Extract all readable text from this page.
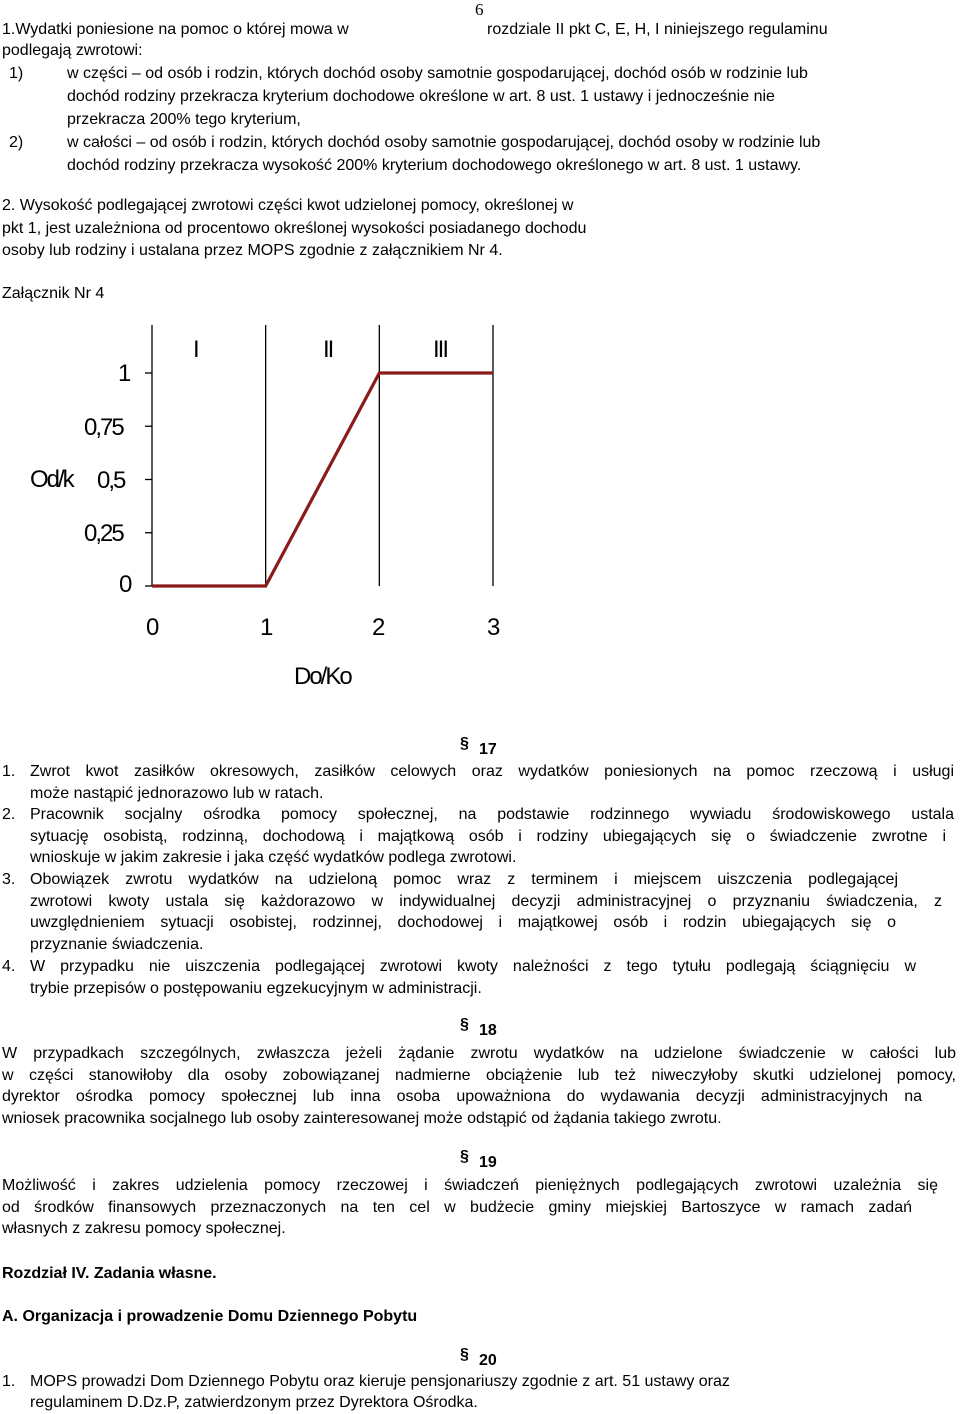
6
1.Wydatki poniesione na pomoc o której mowa w	rozdziale II pkt C, E, H, I niniejszego regulaminu
podlegają zwrotowi:
1)	w części – od osób i rodzin, których dochód osoby samotnie gospodarującej, dochód osób w rodzinie lub
dochód rodziny przekracza kryterium dochodowe określone w art. 8 ust. 1 ustawy i jednocześnie nie
przekracza 200% tego kryterium,
2)	w całości – od osób i rodzin, których dochód osoby samotnie gospodarującej, dochód osoby w rodzinie lub
dochód rodziny przekracza wysokość 200% kryterium dochodowego określonego w art. 8 ust. 1 ustawy.
2. Wysokość podlegającej zwrotowi części kwot udzielonej pomocy, określonej w
pkt 1, jest uzależniona od procentowo określonej wysokości posiadanego dochodu
osoby lub rodziny i ustalana przez MOPS zgodnie z załącznikiem Nr 4.
Załącznik Nr 4
1
0,75
0,5
0,25
0
Od/k
0	1	2	3
Do/Ko
I	II	III
§ 17
1. Zwrot kwot zasiłków okresowych, zasiłków celowych oraz wydatków poniesionych na pomoc rzeczową i usługi
może nastąpić jednorazowo lub w ratach.
2. Pracownik socjalny ośrodka pomocy społecznej, na podstawie rodzinnego wywiadu środowiskowego ustala
sytuację osobistą, rodzinną, dochodową i majątkową osób i rodziny ubiegających się o świadczenie zwrotne i
wnioskuje w jakim zakresie i jaka część wydatków podlega zwrotowi.
3. Obowiązek zwrotu wydatków na udzieloną pomoc wraz z terminem i miejscem uiszczenia podlegającej
zwrotowi kwoty ustala się każdorazowo w indywidualnej decyzji administracyjnej o przyznaniu świadczenia, z
uwzględnieniem sytuacji osobistej, rodzinnej, dochodowej i majątkowej osób i rodzin ubiegających się o
przyznanie świadczenia.
4. W przypadku nie uiszczenia podlegającej zwrotowi kwoty należności z tego tytułu podlegają ściągnięciu w
trybie przepisów o postępowaniu egzekucyjnym w administracji.
§ 18
W przypadkach szczególnych, zwłaszcza jeżeli żądanie zwrotu wydatków na udzielone świadczenie w całości lub
w części stanowiłoby dla osoby zobowiązanej nadmierne obciążenie lub też niweczyłoby skutki udzielonej pomocy,
dyrektor ośrodka pomocy społecznej lub inna osoba upoważniona do wydawania decyzji administracyjnych na
wniosek pracownika socjalnego lub osoby zainteresowanej może odstąpić od żądania takiego zwrotu.
§ 19
Możliwość i zakres udzielenia pomocy rzeczowej i świadczeń pieniężnych podlegających zwrotowi uzależnia się
od środków finansowych przeznaczonych na ten cel w budżecie gminy miejskiej Bartoszyce w ramach zadań
własnych z zakresu pomocy społecznej.
Rozdział IV. Zadania własne.
A. Organizacja i prowadzenie Domu Dziennego Pobytu
§ 20
1. MOPS prowadzi Dom Dziennego Pobytu oraz kieruje pensjonariuszy zgodnie z art. 51 ustawy oraz
regulaminem D.Dz.P, zatwierdzonym przez Dyrektora Ośrodka.
